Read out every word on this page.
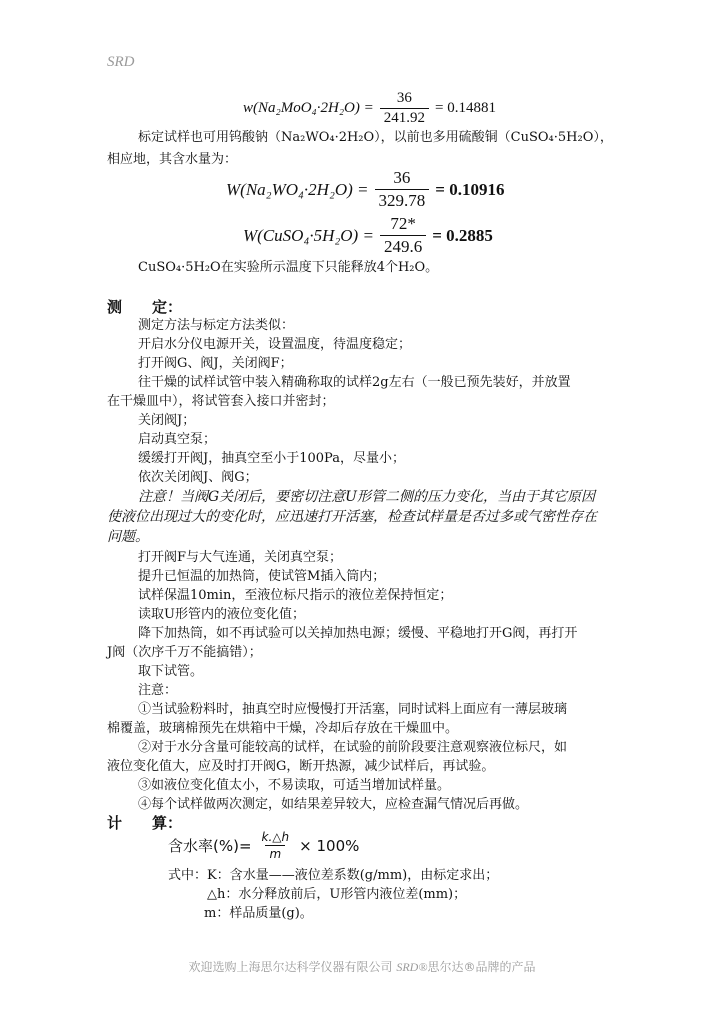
SRD
$w(Na_2MoO_4\cdot 2H_2O) = \frac{36}{241.92} = 0.14881$
标定试样也可用钨酸钠（Na₂WO₄·2H₂O），以前也多用硫酸铜（CuSO₄·5H₂O），
相应地，其含水量为：
$W(Na_2WO_4\cdot 2H_2O) = \frac{36}{329.78} = 0.10916$
W(CuSO₄·5H₂O) = $\frac{72*}{249.6} = 0.2885$
CuSO₄·5H₂O在实验所示温度下只能释放4个H₂O。
测　　定：
测定方法与标定方法类似：
开启水分仪电源开关，设置温度，待温度稳定；
打开阀G、阀J，关闭阀F；
往干燥的试样试管中装入精确称取的试样2g左右（一般已预先装好，并放置
在干燥皿中），将试管套入接口并密封；
关闭阀J；
启动真空泵；
缓缓打开阀J，抽真空至小于100Pa，尽量小；
依次关闭阀J、阀G；
注意！当阀G关闭后，要密切注意U形管二侧的压力变化，当由于其它原因
使液位出现过大的变化时，应迅速打开活塞，检查试样量是否过多或气密性存在
问题。
打开阀F与大气连通，关闭真空泵；
提升已恒温的加热筒，使试管M插入筒内；
试样保温10min，至液位标尺指示的液位差保持恒定；
读取U形管内的液位变化值；
降下加热筒，如不再试验可以关掉加热电源；缓慢、平稳地打开G阀，再打开
J阀（次序千万不能搞错）；
取下试管。
注意：
①当试验粉料时，抽真空时应慢慢打开活塞，同时试料上面应有一薄层玻璃
棉覆盖，玻璃棉预先在烘箱中干燥，冷却后存放在干燥皿中。
②对于水分含量可能较高的试样，在试验的前阶段要注意观察液位标尺，如
液位变化值大，应及时打开阀G，断开热源，减少试样后，再试验。
③如液位变化值太小，不易读取，可适当增加试样量。
④每个试样做两次测定，如结果差异较大，应检查漏气情况后再做。
计　　算：
含水率(%)= $\frac{k.\triangle h}{m} \times 100\%$
式中：K：含水量——液位差系数(g/mm)，由标定求出；
△h：水分释放前后，U形管内液位差(mm)；
m：样品质量(g)。
欢迎选购上海思尔达科学仪器有限公司 SRD®思尔达®品牌的产品
